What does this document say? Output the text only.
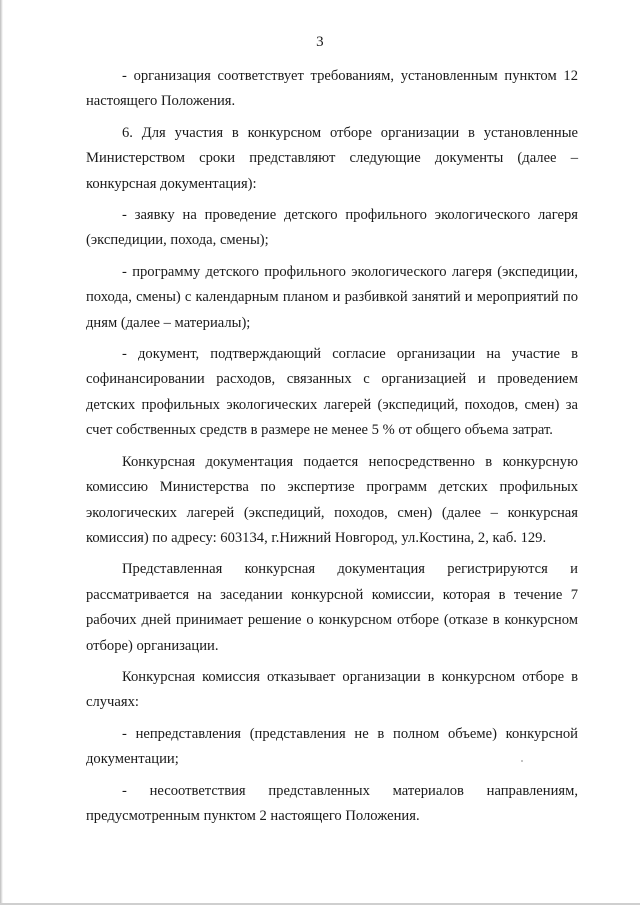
3

- организация соответствует требованиям, установленным пунктом 12 настоящего Положения.

6. Для участия в конкурсном отборе организации в установленные Министерством сроки представляют следующие документы (далее – конкурсная документация):

- заявку на проведение детского профильного экологического лагеря (экспедиции, похода, смены);

- программу детского профильного экологического лагеря (экспедиции, похода, смены) с календарным планом и разбивкой занятий и мероприятий по дням (далее – материалы);

- документ, подтверждающий согласие организации на участие в софинансировании расходов, связанных с организацией и проведением детских профильных экологических лагерей (экспедиций, походов, смен) за счет собственных средств в размере не менее 5 % от общего объема затрат.

Конкурсная документация подается непосредственно в конкурсную комиссию Министерства по экспертизе программ детских профильных экологических лагерей (экспедиций, походов, смен) (далее – конкурсная комиссия) по адресу: 603134, г.Нижний Новгород, ул.Костина, 2, каб. 129.

Представленная конкурсная документация регистрируются и рассматривается на заседании конкурсной комиссии, которая в течение 7 рабочих дней принимает решение о конкурсном отборе (отказе в конкурсном отборе) организации.

Конкурсная комиссия отказывает организации в конкурсном отборе в случаях:

- непредставления (представления не в полном объеме) конкурсной документации;

- несоответствия представленных материалов направлениям, предусмотренным пунктом 2 настоящего Положения.
